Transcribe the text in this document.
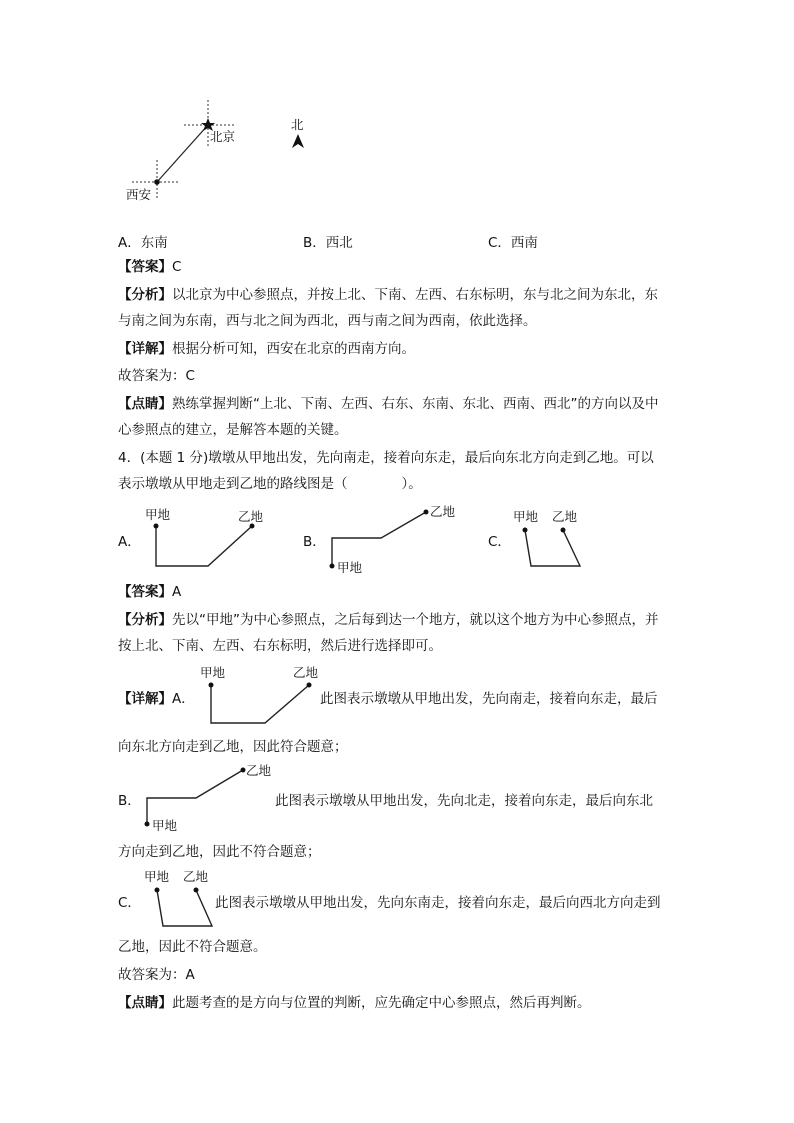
北京
西安
北
A．东南	B．西北	C．西南
【答案】C
【分析】以北京为中心参照点，并按上北、下南、左西、右东标明，东与北之间为东北，东
与南之间为东南，西与北之间为西北，西与南之间为西南，依此选择。
【详解】根据分析可知，西安在北京的西南方向。
故答案为：C
【点睛】熟练掌握判断“上北、下南、左西、右东、东南、东北、西南、西北”的方向以及中
心参照点的建立，是解答本题的关键。
4．(本题 1 分)墩墩从甲地出发，先向南走，接着向东走，最后向东北方向走到乙地。可以
表示墩墩从甲地走到乙地的路线图是（　　　　）。
A．
甲地	乙地
B．
乙地
甲地
C．
甲地 乙地
【答案】A
【分析】先以“甲地”为中心参照点，之后每到达一个地方，就以这个地方为中心参照点，并
按上北、下南、左西、右东标明，然后进行选择即可。
【详解】A．
甲地	乙地
此图表示墩墩从甲地出发，先向南走，接着向东走，最后
向东北方向走到乙地，因此符合题意；
B．
乙地
甲地
此图表示墩墩从甲地出发，先向北走，接着向东走，最后向东北
方向走到乙地，因此不符合题意；
C．
甲地 乙地
此图表示墩墩从甲地出发，先向东南走，接着向东走，最后向西北方向走到
乙地，因此不符合题意。
故答案为：A
【点睛】此题考查的是方向与位置的判断，应先确定中心参照点，然后再判断。
